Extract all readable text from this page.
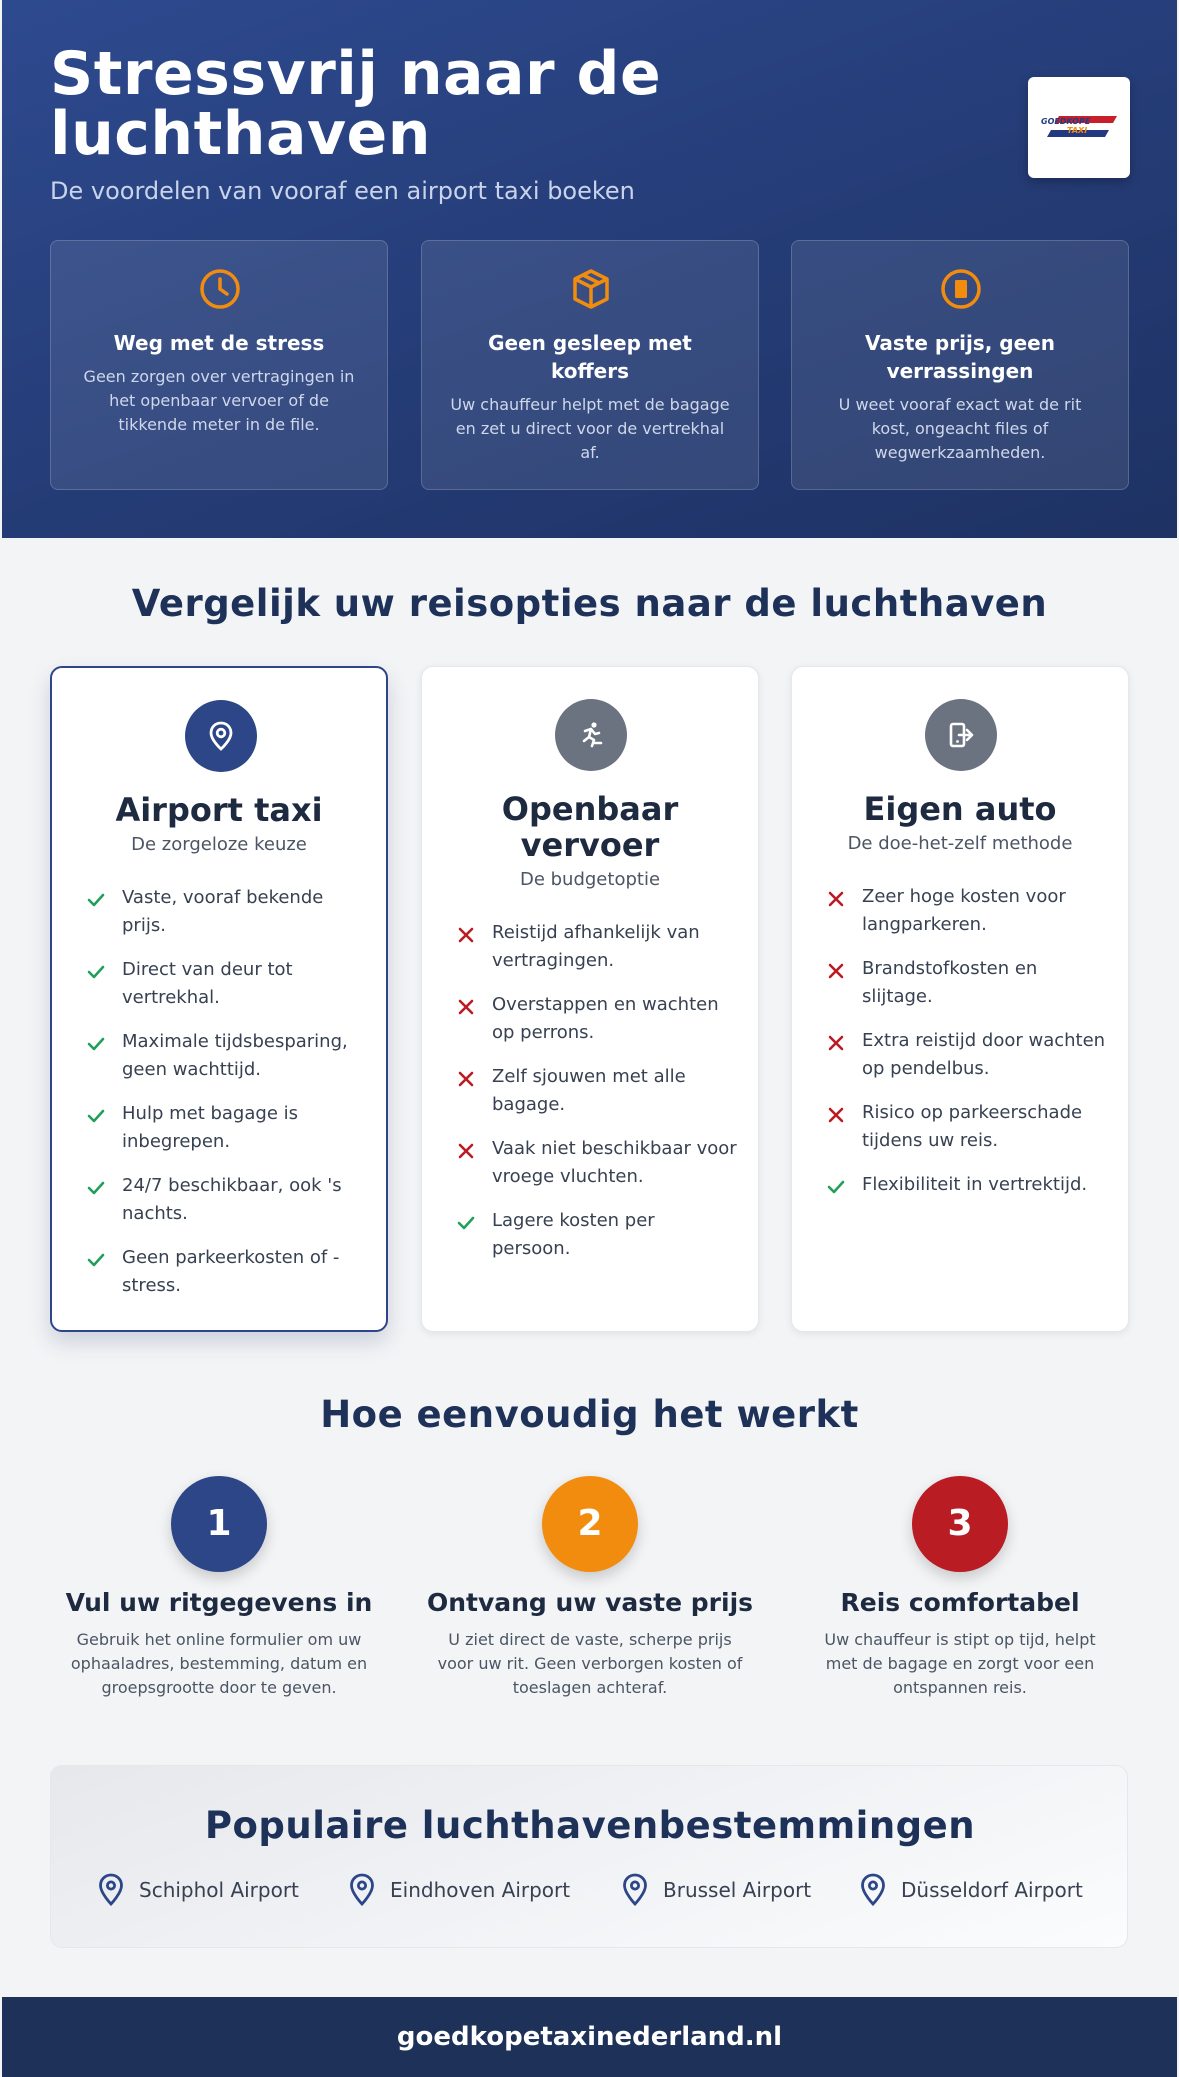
Stressvrij naar de luchthaven
De voordelen van vooraf een airport taxi boeken
GOEDKOPE
TAXI
Weg met de stress
Geen zorgen over vertragingen in het openbaar vervoer of de tikkende meter in de file.
Geen gesleep met koffers
Uw chauffeur helpt met de bagage en zet u direct voor de vertrekhal af.
Vaste prijs, geen verrassingen
U weet vooraf exact wat de rit kost, ongeacht files of wegwerkzaamheden.
Vergelijk uw reisopties naar de luchthaven
Airport taxi
De zorgeloze keuze
Vaste, vooraf bekende prijs.
Direct van deur tot vertrekhal.
Maximale tijdsbesparing, geen wachttijd.
Hulp met bagage is inbegrepen.
24/7 beschikbaar, ook 's nachts.
Geen parkeerkosten of -stress.
Openbaar vervoer
De budgetoptie
Reistijd afhankelijk van vertragingen.
Overstappen en wachten op perrons.
Zelf sjouwen met alle bagage.
Vaak niet beschikbaar voor vroege vluchten.
Lagere kosten per persoon.
Eigen auto
De doe-het-zelf methode
Zeer hoge kosten voor langparkeren.
Brandstofkosten en slijtage.
Extra reistijd door wachten op pendelbus.
Risico op parkeerschade tijdens uw reis.
Flexibiliteit in vertrektijd.
Hoe eenvoudig het werkt
1
Vul uw ritgegevens in
Gebruik het online formulier om uw ophaaladres, bestemming, datum en groepsgrootte door te geven.
2
Ontvang uw vaste prijs
U ziet direct de vaste, scherpe prijs voor uw rit. Geen verborgen kosten of toeslagen achteraf.
3
Reis comfortabel
Uw chauffeur is stipt op tijd, helpt met de bagage en zorgt voor een ontspannen reis.
Populaire luchthavenbestemmingen
Schiphol Airport	Eindhoven Airport	Brussel Airport	Düsseldorf Airport
goedkopetaxinederland.nl
